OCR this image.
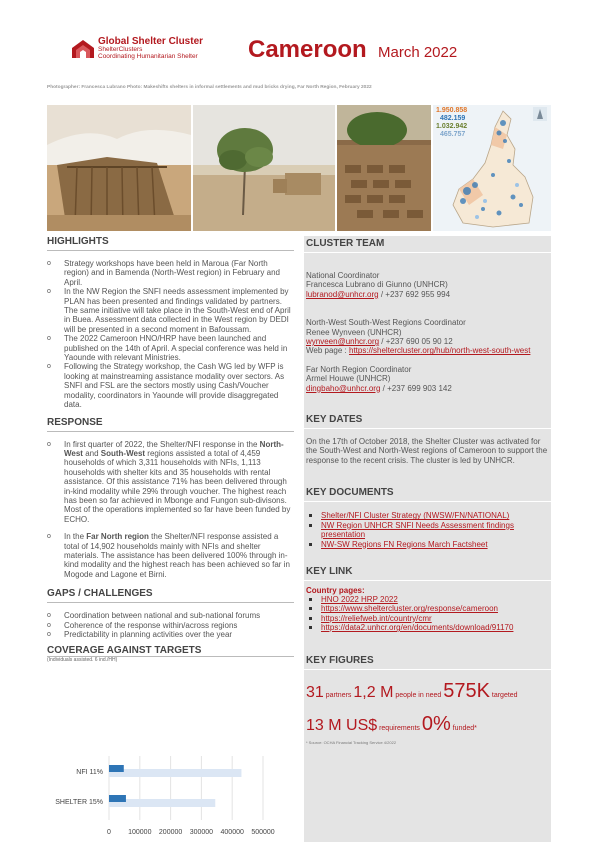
Global Shelter Cluster
ShelterClusters
Coordinating Humanitarian Shelter Cameroon March 2022
Photographer: Francesca Lubrano Photo: Makeshifts shelters in informal settlements and mud bricks drying, Far North Region, February 2022
1.950.858
482.159
1.032.942
465.757
HIGHLIGHTS
o Strategy workshops have been held in Maroua (Far North region) and in Bamenda (North-West region) in February and April.
o In the NW Region the SNFI needs assessment implemented by PLAN has been presented and findings validated by partners. The same initiative will take place in the South-West end of April in Buea. Assessment data collected in the West region by DEDI will be presented in a second moment in Bafoussam.
o The 2022 Cameroon HNO/HRP have been launched and published on the 14th of April. A special conference was held in Yaounde with relevant Ministries.
o Following the Strategy workshop, the Cash WG led by WFP is looking at mainstreaming assistance modality over sectors. As SNFI and FSL are the sectors mostly using Cash/Voucher modality, coordinators in Yaounde will provide disaggregated data.
RESPONSE
o In first quarter of 2022, the Shelter/NFI response in the North-West and South-West regions assisted a total of 4,459 households of which 3,311 households with NFIs, 1,113 households with shelter kits and 35 households with rental assistance. Of this assistance 71% has been delivered through in-kind modality while 29% through voucher. The highest reach has been so far achieved in Mbonge and Fungon sub-divisons. Most of the operations implemented so far have been funded by ECHO.
o In the Far North region the Shelter/NFI response assisted a total of 14,902 households mainly with NFIs and shelter materials. The assistance has been delivered 100% through in-kind modality and the highest reach has been achieved so far in Mogode and Lagone et Birni.
GAPS / CHALLENGES
o Coordination between national and sub-national forums
o Coherence of the response within/across regions
o Predictability in planning activities over the year
COVERAGE AGAINST TARGETS
(Individuals assisted. 6 ind./HH)
0 100000 200000 300000 400000 500000
NFI 11%
SHELTER 15%
CLUSTER TEAM
National Coordinator
Francesca Lubrano di Giunno (UNHCR)
lubranod@unhcr.org / +237 692 955 994
North-West South-West Regions Coordinator
Renee Wynveen (UNHCR)
wynveen@unhcr.org / +237 690 05 90 12
Web page : https://sheltercluster.org/hub/north-west-south-west
Far North Region Coordinator
Armel Houwe (UNHCR)
dingbaho@unhcr.org / +237 699 903 142
KEY DATES
On the 17th of October 2018, the Shelter Cluster was activated for the South-West and North-West regions of Cameroon to support the response to the recent crisis. The cluster is led by UNHCR.
KEY DOCUMENTS
Shelter/NFI Cluster Strategy (NWSW/FN/NATIONAL)
NW Region UNHCR SNFI Needs Assessment findings presentation
NW-SW Regions FN Regions March Factsheet
KEY LINK
Country pages:
HNO 2022 HRP 2022
https://www.sheltercluster.org/response/cameroon
https://reliefweb.int/country/cmr
https://data2.unhcr.org/en/documents/download/91170
KEY FIGURES
31 partners 1,2 M people in need 575K targeted
13 M US$ requirements 0% funded*
* Source: OCHA Financial Tracking Service 4/2022
